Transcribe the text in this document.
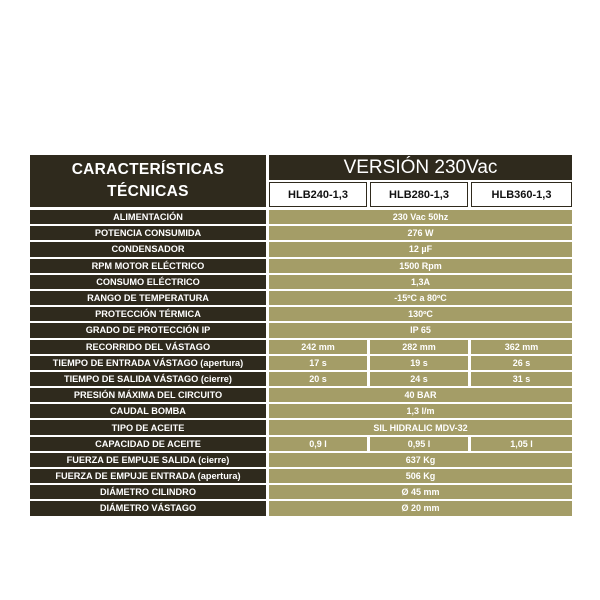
CARACTERÍSTICAS
TÉCNICAS
VERSIÓN 230Vac
HLB240-1,3	HLB280-1,3	HLB360-1,3
ALIMENTACIÓN	230 Vac 50hz
POTENCIA CONSUMIDA	276 W
CONDENSADOR	12 µF
RPM MOTOR ELÉCTRICO	1500 Rpm
CONSUMO ELÉCTRICO	1,3A
RANGO DE TEMPERATURA	-15ºC a 80ºC
PROTECCIÓN TÉRMICA	130ºC
GRADO DE PROTECCIÓN IP	IP 65
RECORRIDO DEL VÁSTAGO	242 mm	282 mm	362 mm
TIEMPO DE ENTRADA VÁSTAGO (apertura)	17 s	19 s	26 s
TIEMPO DE SALIDA VÁSTAGO (cierre)	20 s	24 s	31 s
PRESIÓN MÁXIMA DEL CIRCUITO	40 BAR
CAUDAL BOMBA	1,3 l/m
TIPO DE ACEITE	SIL HIDRALIC MDV-32
CAPACIDAD DE ACEITE	0,9 l	0,95 l	1,05 l
FUERZA DE EMPUJE SALIDA (cierre)	637 Kg
FUERZA DE EMPUJE ENTRADA (apertura)	506 Kg
DIÁMETRO CILINDRO	Ø 45 mm
DIÁMETRO VÁSTAGO	Ø 20 mm
